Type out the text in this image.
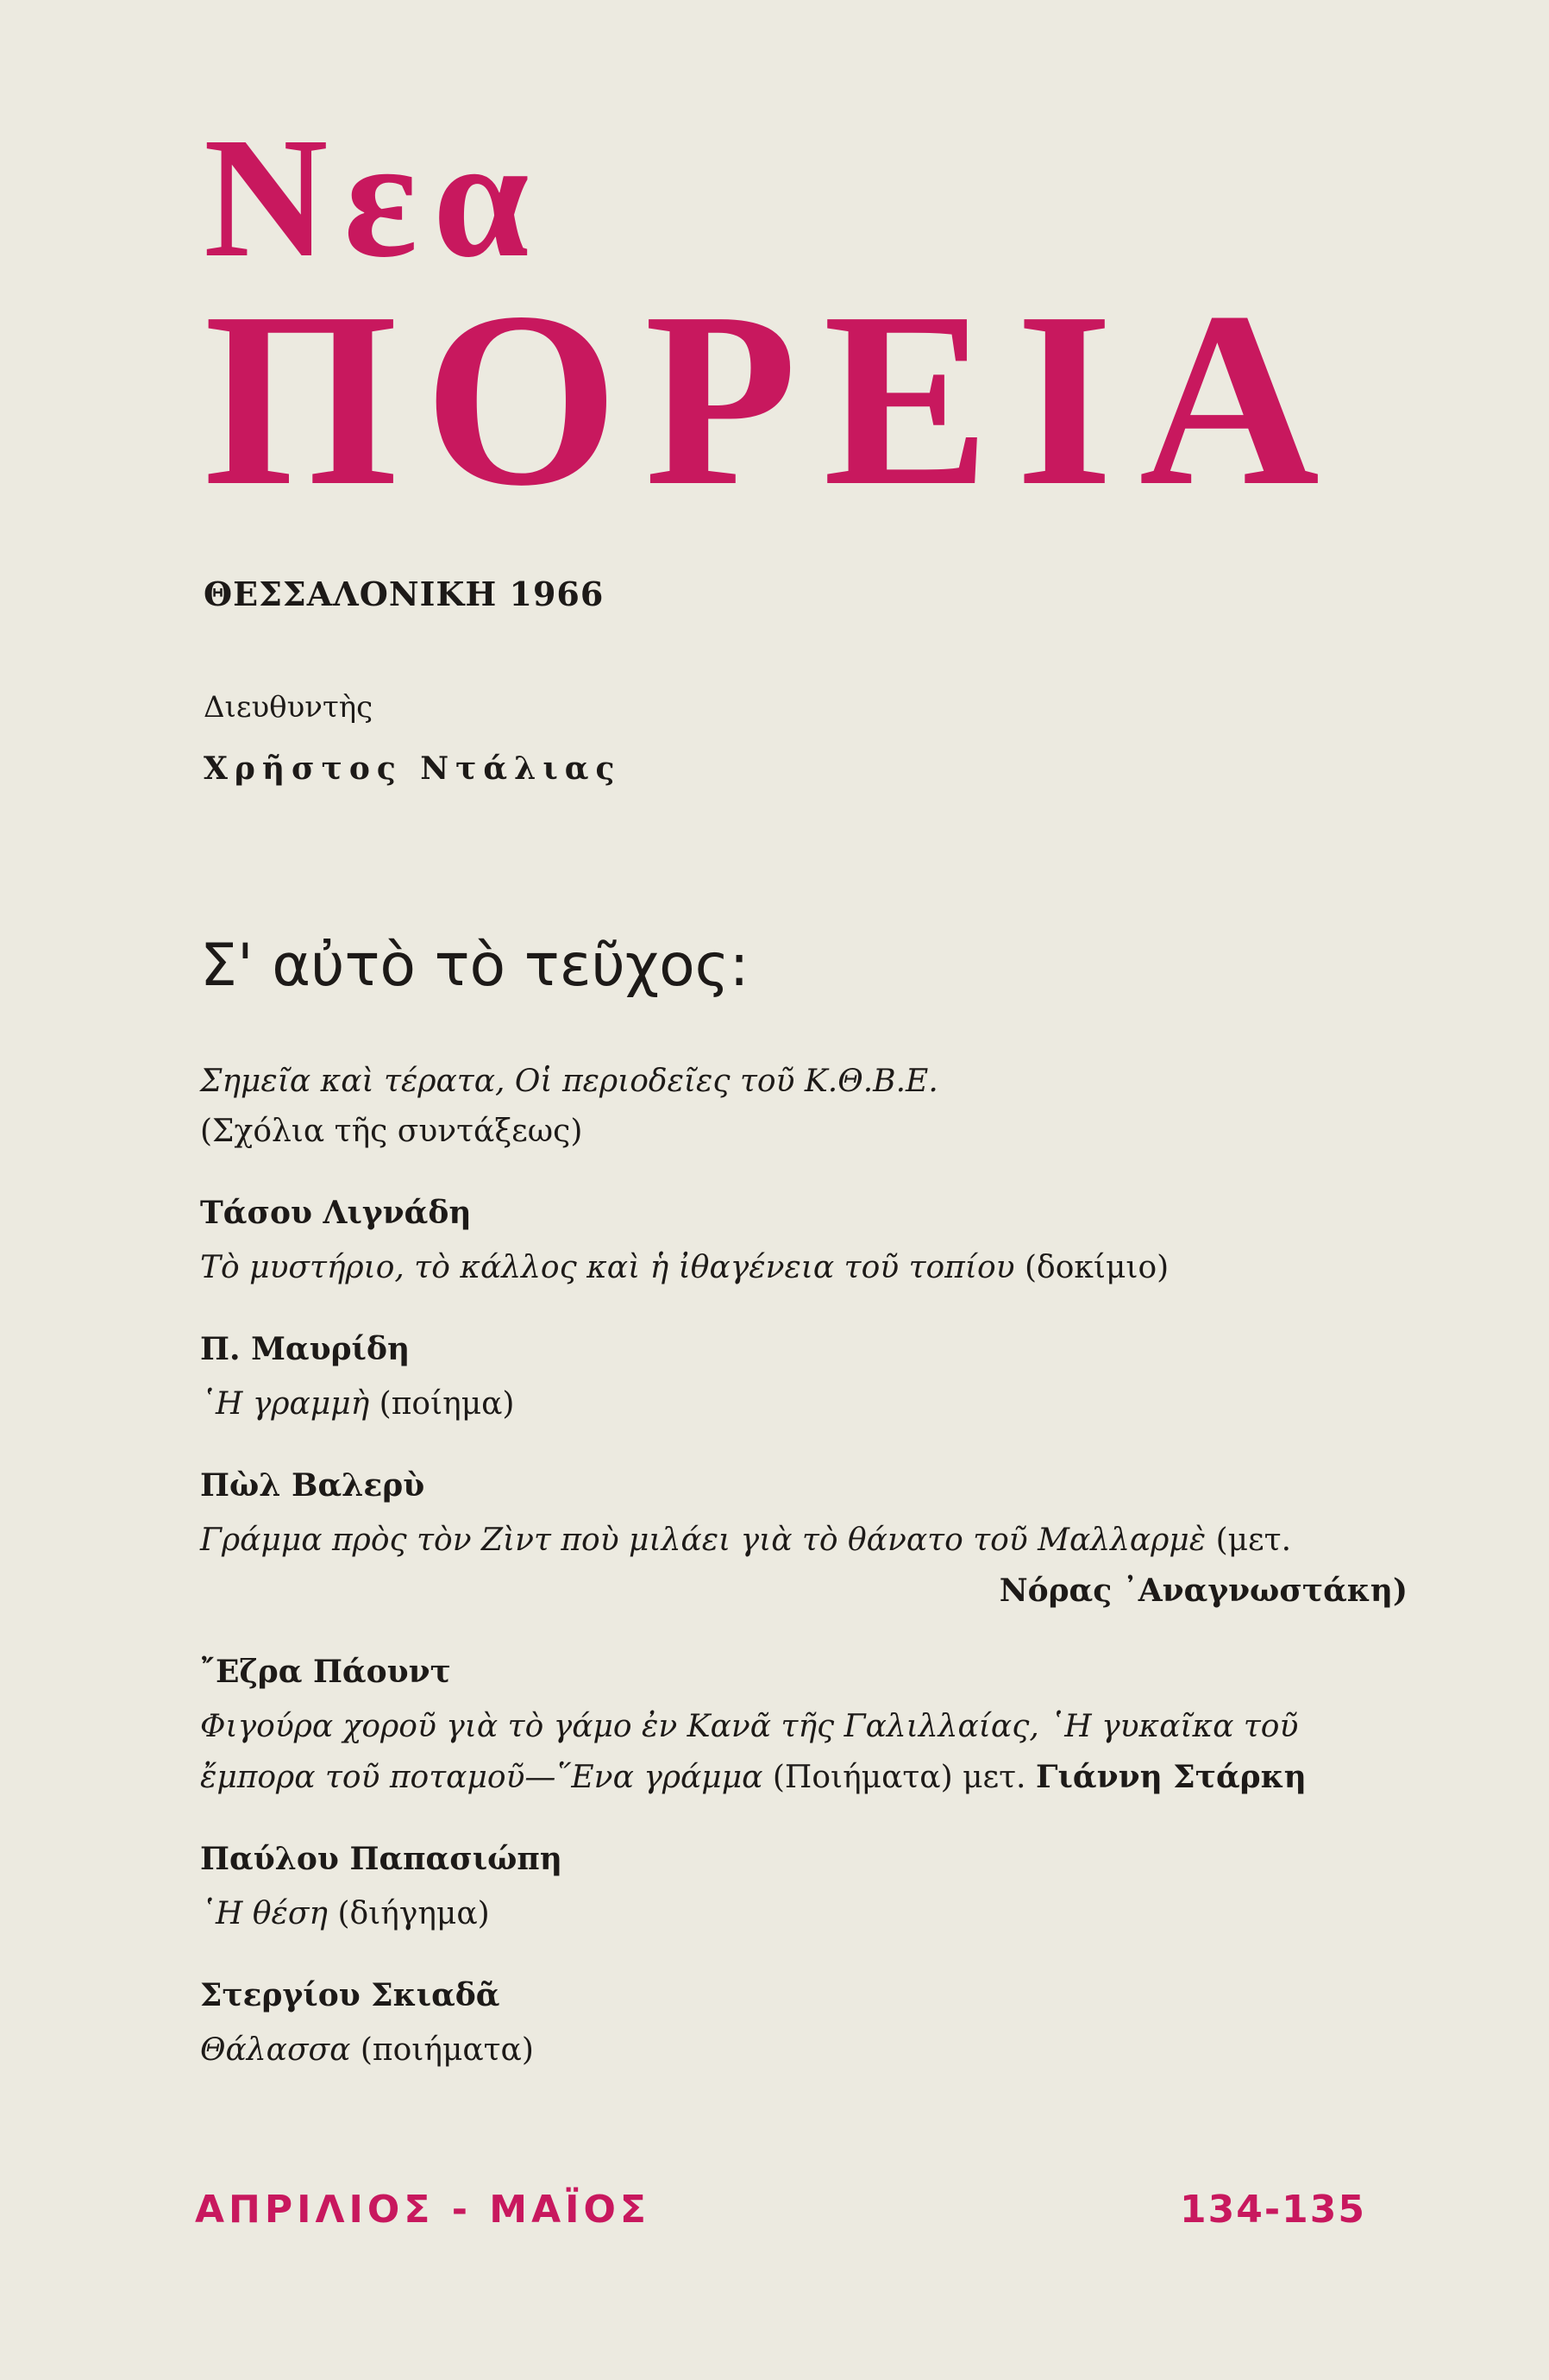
Νεα
ΠΟΡΕΙΑ
ΘΕΣΣΑΛΟΝΙΚΗ 1966
Διευθυντὴς
Χρῆστος Ντάλιας
Σ' αὐτὸ τὸ τεῦχος:
Σημεῖα καὶ τέρατα, Οἱ περιοδεῖες τοῦ Κ.Θ.Β.Ε.
(Σχόλια τῆς συντάξεως)
Τάσου Λιγνάδη
Τὸ μυστήριο, τὸ κάλλος καὶ ἡ ἰθαγένεια τοῦ τοπίου (δοκίμιο)
Π. Μαυρίδη
῾Η γραμμὴ (ποίημα)
Πὼλ Βαλερὺ
Γράμμα πρὸς τὸν Ζὶντ ποὺ μιλάει γιὰ τὸ θάνατο τοῦ Μαλλαρμὲ (μετ.
Νόρας ᾿Αναγνωστάκη)
῎Εζρα Πάουντ
Φιγούρα χοροῦ γιὰ τὸ γάμο ἐν Κανᾶ τῆς Γαλιλλαίας, ῾Η γυκαῖκα τοῦ ἔμπορα τοῦ ποταμοῦ—῞Ενα γράμμα (Ποιήματα) μετ. Γιάννη Στάρκη
Παύλου Παπασιώπη
῾Η θέση (διήγημα)
Στεργίου Σκιαδᾶ
Θάλασσα (ποιήματα)
ΑΠΡΙΛΙΟΣ - ΜΑΪΟΣ	134-135
